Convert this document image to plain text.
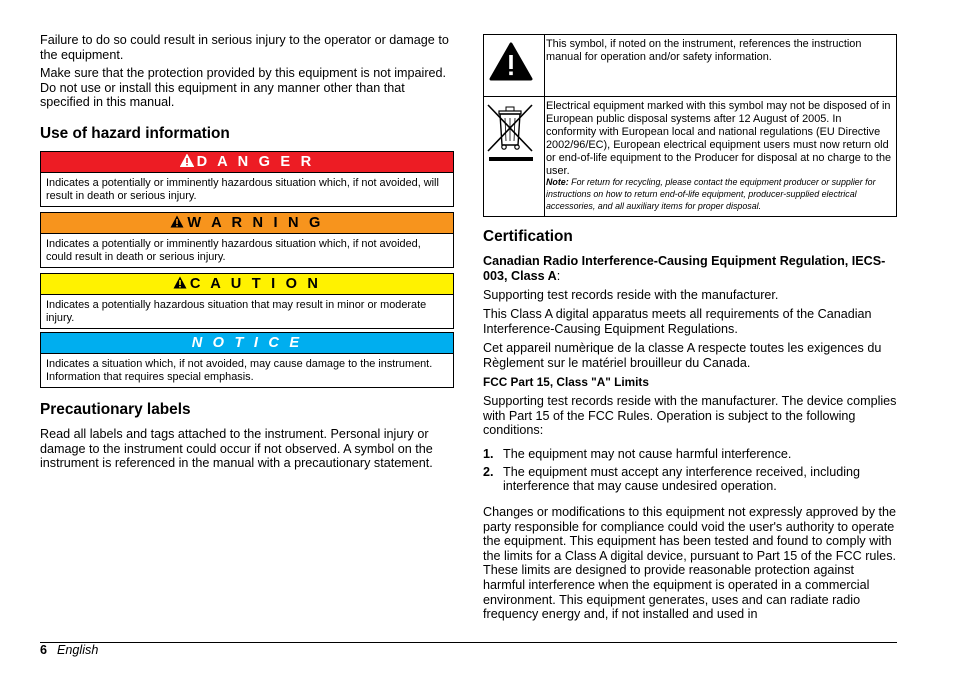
Failure to do so could result in serious injury to the operator or damage to the equipment.

Make sure that the protection provided by this equipment is not impaired. Do not use or install this equipment in any manner other than that specified in this manual.

Use of hazard information
D A N G E R
Indicates a potentially or imminently hazardous situation which, if not avoided, will result in death or serious injury.
W A R N I N G
Indicates a potentially or imminently hazardous situation which, if not avoided, could result in death or serious injury.
C A U T I O N
Indicates a potentially hazardous situation that may result in minor or moderate injury.
N O T I C E
Indicates a situation which, if not avoided, may cause damage to the instrument. Information that requires special emphasis.
Precautionary labels

Read all labels and tags attached to the instrument. Personal injury or damage to the instrument could occur if not observed. A symbol on the instrument is referenced in the manual with a precautionary statement.

	This symbol, if noted on the instrument, references the instruction manual for operation and/or safety information.

Electrical equipment marked with this symbol may not be disposed of in European public disposal systems after 12 August of 2005. In conformity with European local and national regulations (EU Directive 2002/96/EC), European electrical equipment users must now return old or end-of-life equipment to the Producer for disposal at no charge to the user.
Note: For return for recycling, please contact the equipment producer or supplier for instructions on how to return end-of-life equipment, producer-supplied electrical accessories, and all auxiliary items for proper disposal.
Certification

Canadian Radio Interference-Causing Equipment Regulation, IECS-003, Class A:

Supporting test records reside with the manufacturer.

This Class A digital apparatus meets all requirements of the Canadian Interference-Causing Equipment Regulations.

Cet appareil numèrique de la classe A respecte toutes les exigences du Règlement sur le matériel brouilleur du Canada.

FCC Part 15, Class "A" Limits

Supporting test records reside with the manufacturer. The device complies with Part 15 of the FCC Rules. Operation is subject to the following conditions:

1. The equipment may not cause harmful interference.
2. The equipment must accept any interference received, including interference that may cause undesired operation.

Changes or modifications to this equipment not expressly approved by the party responsible for compliance could void the user's authority to operate the equipment. This equipment has been tested and found to comply with the limits for a Class A digital device, pursuant to Part 15 of the FCC rules. These limits are designed to provide reasonable protection against harmful interference when the equipment is operated in a commercial environment. This equipment generates, uses and can radiate radio frequency energy and, if not installed and used in

6 English
